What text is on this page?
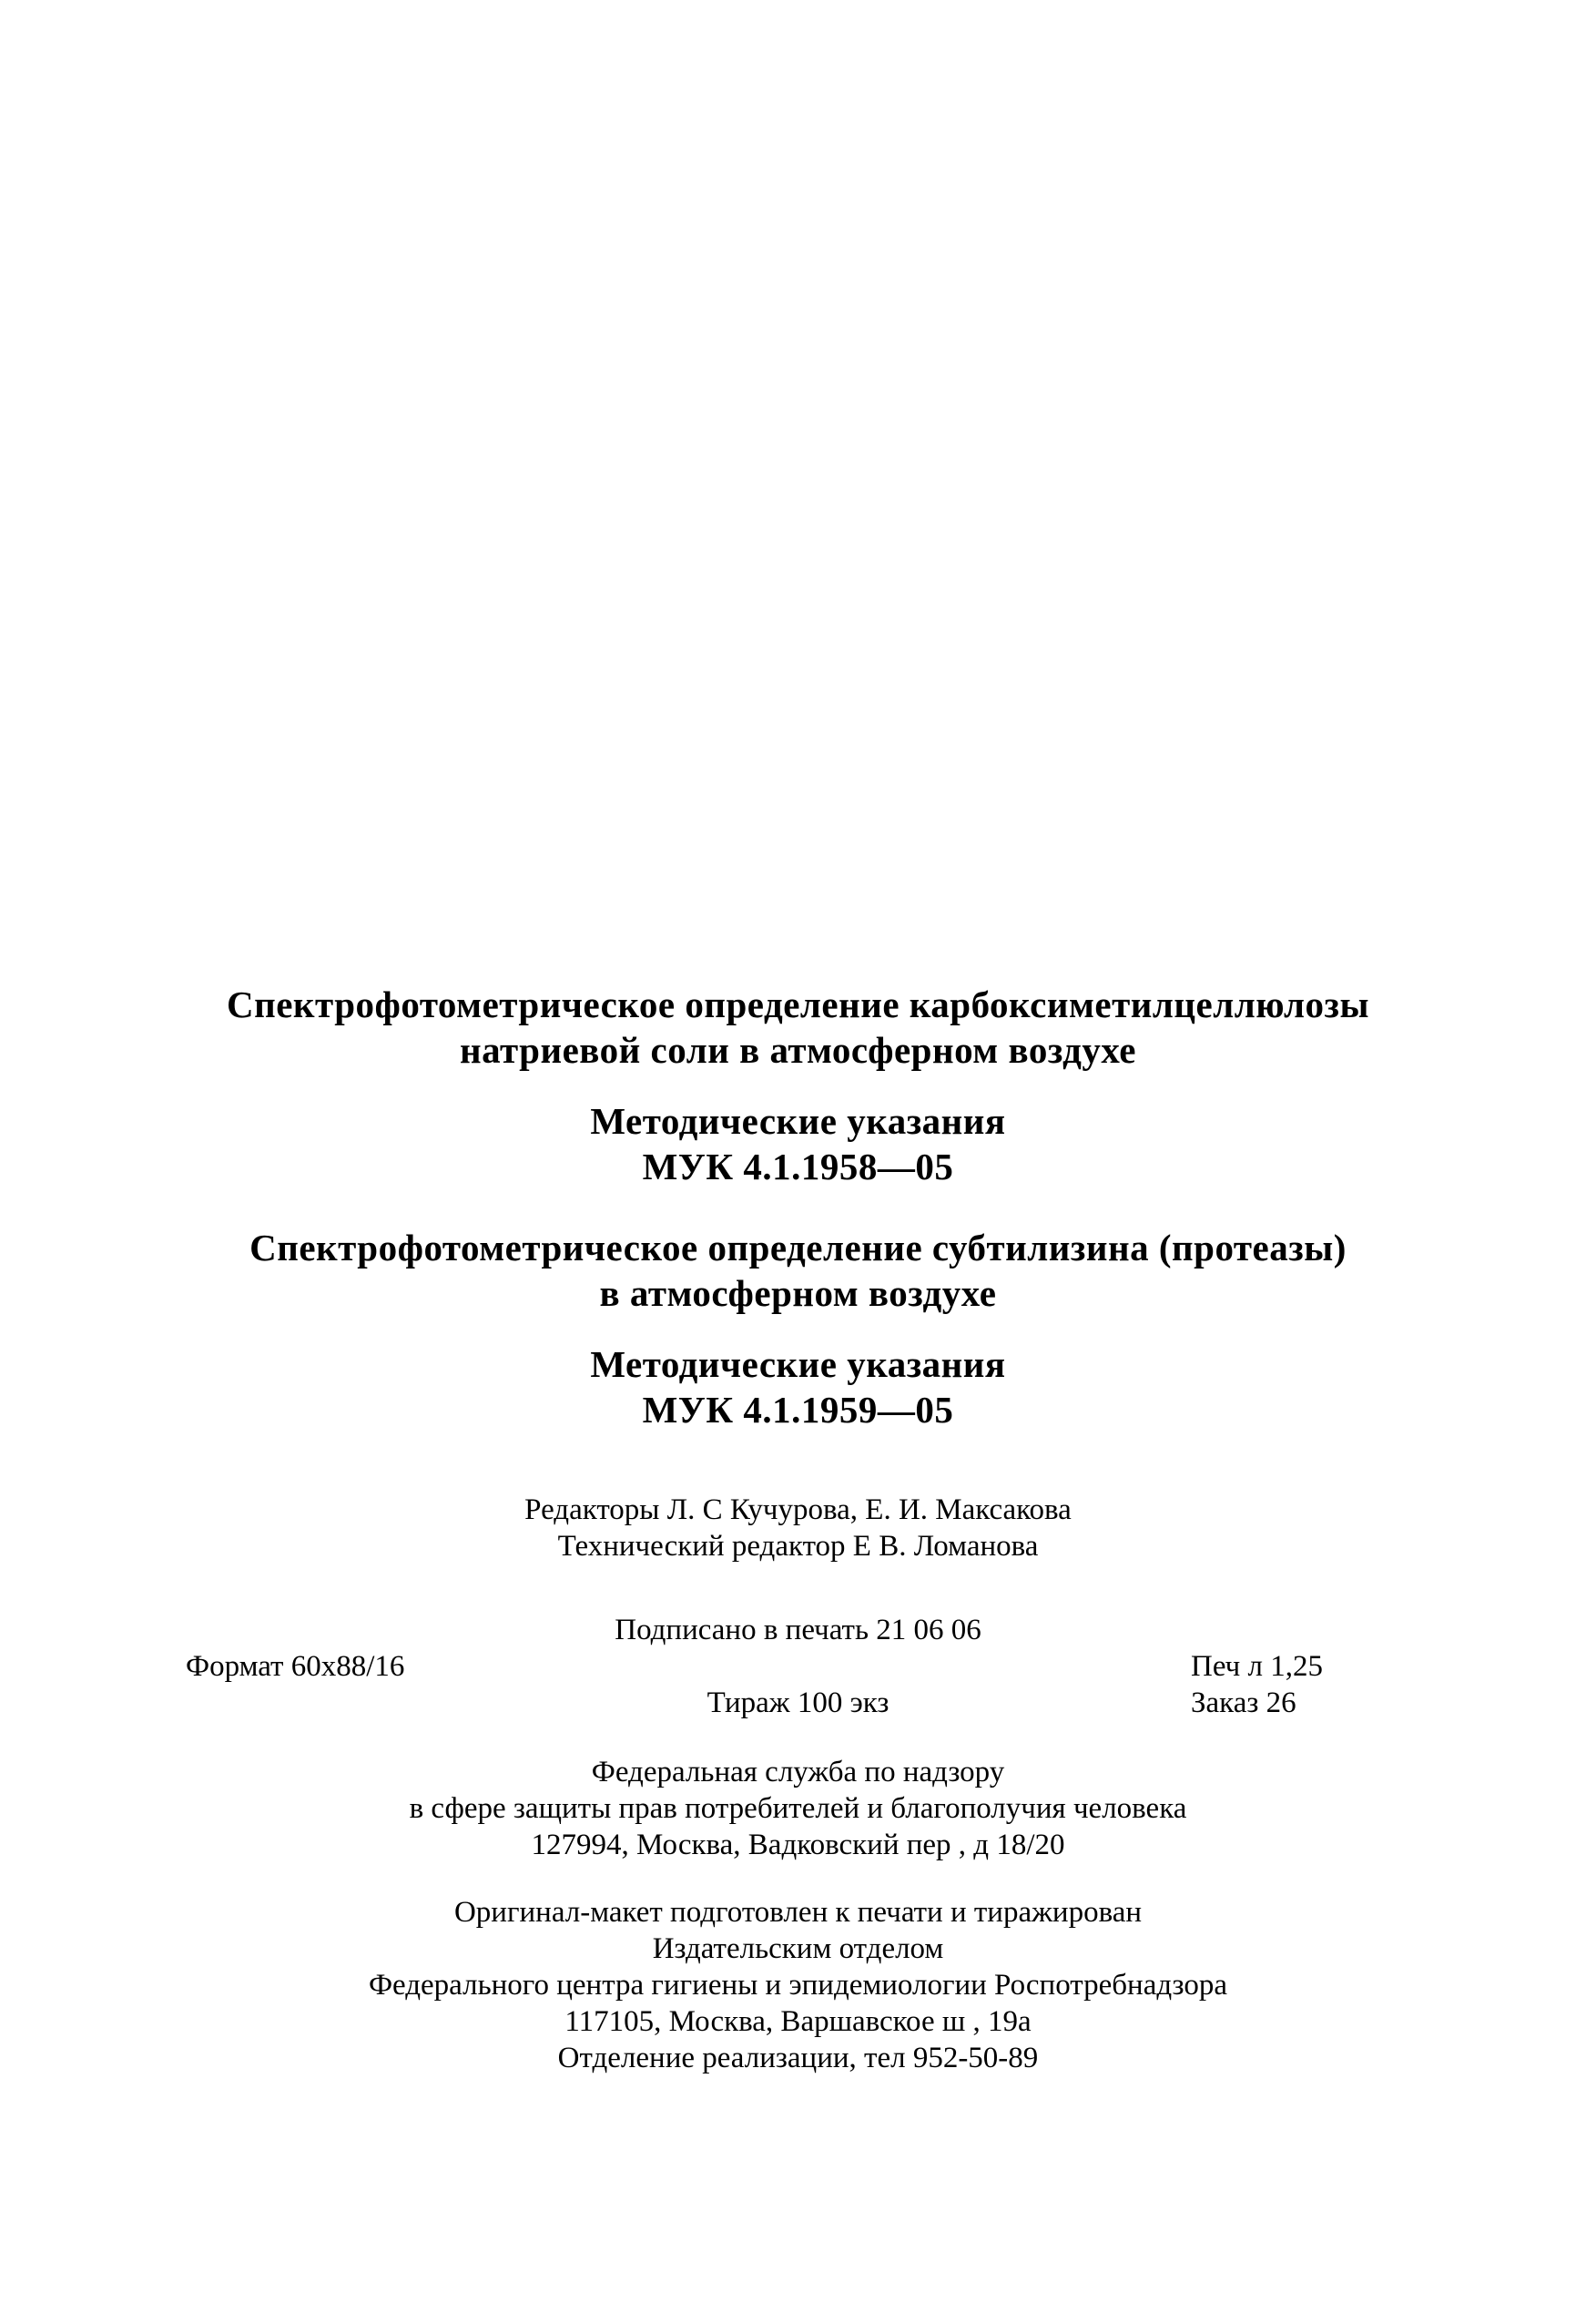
Спектрофотометрическое определение карбоксиметилцеллюлозы
натриевой соли в атмосферном воздухе
Методические указания
МУК 4.1.1958—05
Спектрофотометрическое определение субтилизина (протеазы)
в атмосферном воздухе
Методические указания
МУК 4.1.1959—05
Редакторы Л. С Кучурова, Е. И. Максакова
Технический редактор Е В. Ломанова
Подписано в печать 21 06 06
Формат 60x88/16	Печ л 1,25
Тираж 100 экз	Заказ 26
Федеральная служба по надзору
в сфере защиты прав потребителей и благополучия человека
127994, Москва, Вадковский пер , д 18/20
Оригинал-макет подготовлен к печати и тиражирован
Издательским отделом
Федерального центра гигиены и эпидемиологии Роспотребнадзора
117105, Москва, Варшавское ш , 19а
Отделение реализации, тел 952-50-89
